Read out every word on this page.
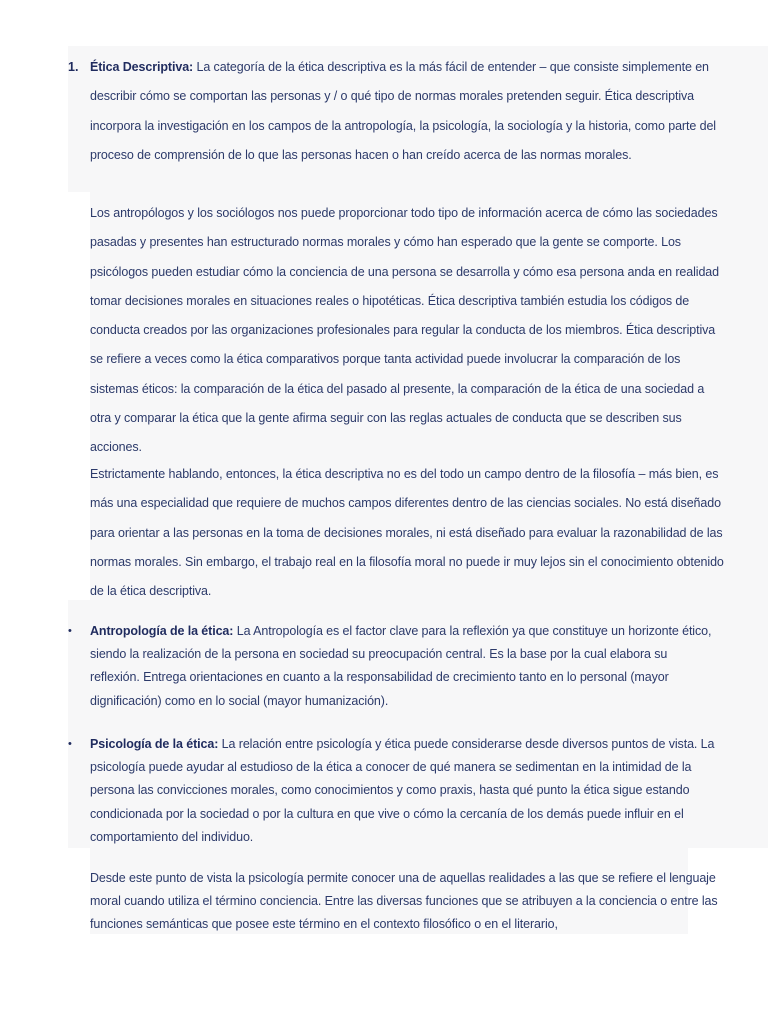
1. Ética Descriptiva: La categoría de la ética descriptiva es la más fácil de entender – que consiste simplemente en describir cómo se comportan las personas y / o qué tipo de normas morales pretenden seguir. Ética descriptiva incorpora la investigación en los campos de la antropología, la psicología, la sociología y la historia, como parte del proceso de comprensión de lo que las personas hacen o han creído acerca de las normas morales.
Los antropólogos y los sociólogos nos puede proporcionar todo tipo de información acerca de cómo las sociedades pasadas y presentes han estructurado normas morales y cómo han esperado que la gente se comporte. Los psicólogos pueden estudiar cómo la conciencia de una persona se desarrolla y cómo esa persona anda en realidad tomar decisiones morales en situaciones reales o hipotéticas. Ética descriptiva también estudia los códigos de conducta creados por las organizaciones profesionales para regular la conducta de los miembros. Ética descriptiva se refiere a veces como la ética comparativos porque tanta actividad puede involucrar la comparación de los sistemas éticos: la comparación de la ética del pasado al presente, la comparación de la ética de una sociedad a otra y comparar la ética que la gente afirma seguir con las reglas actuales de conducta que se describen sus acciones.
Estrictamente hablando, entonces, la ética descriptiva no es del todo un campo dentro de la filosofía – más bien, es más una especialidad que requiere de muchos campos diferentes dentro de las ciencias sociales. No está diseñado para orientar a las personas en la toma de decisiones morales, ni está diseñado para evaluar la razonabilidad de las normas morales. Sin embargo, el trabajo real en la filosofía moral no puede ir muy lejos sin el conocimiento obtenido de la ética descriptiva.
• Antropología de la ética: La Antropología es el factor clave para la reflexión ya que constituye un horizonte ético, siendo la realización de la persona en sociedad su preocupación central. Es la base por la cual elabora su reflexión. Entrega orientaciones en cuanto a la responsabilidad de crecimiento tanto en lo personal (mayor dignificación) como en lo social (mayor humanización).
• Psicología de la ética: La relación entre psicología y ética puede considerarse desde diversos puntos de vista. La psicología puede ayudar al estudioso de la ética a conocer de qué manera se sedimentan en la intimidad de la persona las convicciones morales, como conocimientos y como praxis, hasta qué punto la ética sigue estando condicionada por la sociedad o por la cultura en que vive o cómo la cercanía de los demás puede influir en el comportamiento del individuo.
Desde este punto de vista la psicología permite conocer una de aquellas realidades a las que se refiere el lenguaje moral cuando utiliza el término conciencia. Entre las diversas funciones que se atribuyen a la conciencia o entre las funciones semánticas que posee este término en el contexto filosófico o en el literario,
